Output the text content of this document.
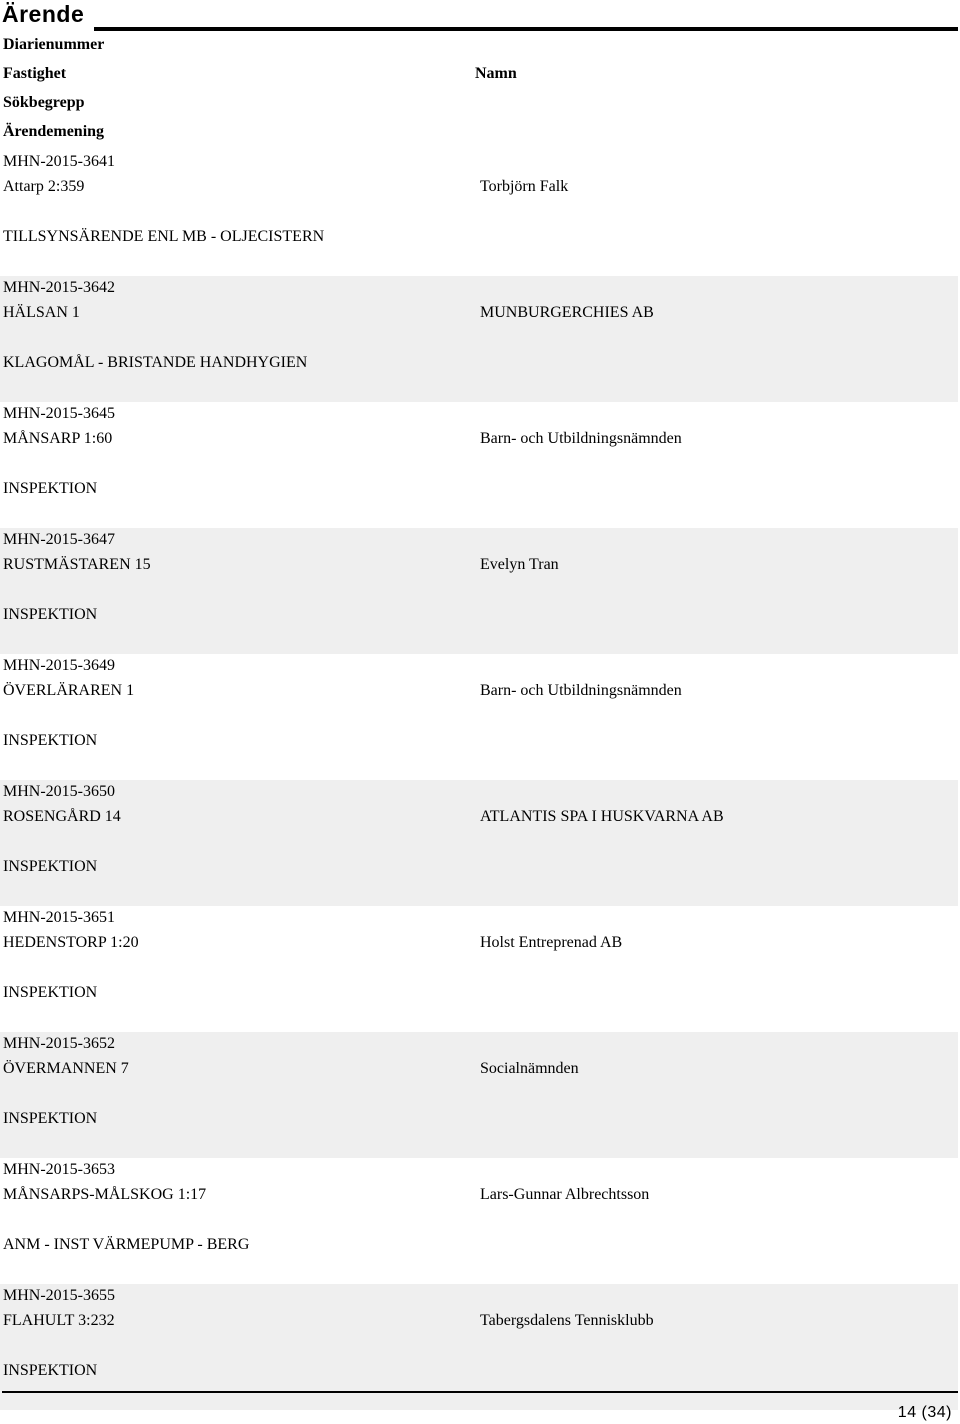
Ärende
Diarienummer
Fastighet	Namn
Sökbegrepp
Ärendemening
MHN-2015-3641
Attarp 2:359	Torbjörn Falk
TILLSYNSÄRENDE ENL MB - OLJECISTERN
MHN-2015-3642
HÄLSAN 1	MUNBURGERCHIES AB
KLAGOMÅL - BRISTANDE HANDHYGIEN
MHN-2015-3645
MÅNSARP 1:60	Barn- och Utbildningsnämnden
INSPEKTION
MHN-2015-3647
RUSTMÄSTAREN 15	Evelyn Tran
INSPEKTION
MHN-2015-3649
ÖVERLÄRAREN 1	Barn- och Utbildningsnämnden
INSPEKTION
MHN-2015-3650
ROSENGÅRD 14	ATLANTIS SPA I HUSKVARNA AB
INSPEKTION
MHN-2015-3651
HEDENSTORP 1:20	Holst Entreprenad AB
INSPEKTION
MHN-2015-3652
ÖVERMANNEN 7	Socialnämnden
INSPEKTION
MHN-2015-3653
MÅNSARPS-MÅLSKOG 1:17	Lars-Gunnar Albrechtsson
ANM - INST VÄRMEPUMP - BERG
MHN-2015-3655
FLAHULT 3:232	Tabergsdalens Tennisklubb
INSPEKTION
14 (34)
